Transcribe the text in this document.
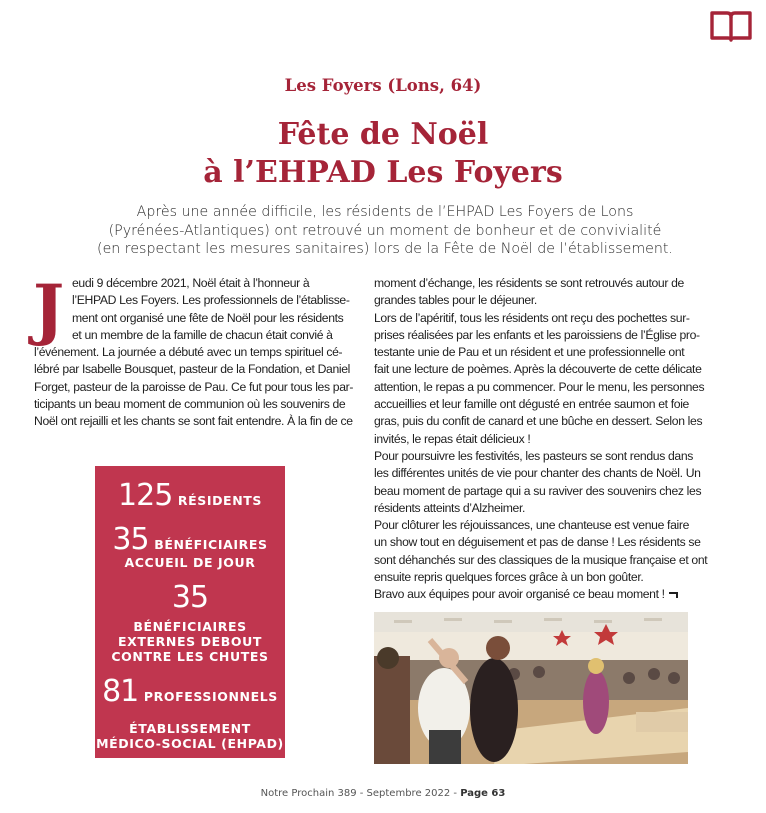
Les Foyers (Lons, 64)
Fête de Noël
à l’EHPAD Les Foyers
Après une année difficile, les résidents de l’EHPAD Les Foyers de Lons
(Pyrénées-Atlantiques) ont retrouvé un moment de bonheur et de convivialité
(en respectant les mesures sanitaires) lors de la Fête de Noël de l’établissement.
J eudi 9 décembre 2021, Noël était à l’honneur à
l’EHPAD Les Foyers. Les professionnels de l’établisse-
ment ont organisé une fête de Noël pour les résidents
et un membre de la famille de chacun était convié à
l’événement. La journée a débuté avec un temps spirituel cé-
lébré par Isabelle Bousquet, pasteur de la Fondation, et Daniel
Forget, pasteur de la paroisse de Pau. Ce fut pour tous les par-
ticipants un beau moment de communion où les souvenirs de
Noël ont rejailli et les chants se sont fait entendre. À la fin de ce
moment d’échange, les résidents se sont retrouvés autour de
grandes tables pour le déjeuner.
Lors de l’apéritif, tous les résidents ont reçu des pochettes sur-
prises réalisées par les enfants et les paroissiens de l’Église pro-
testante unie de Pau et un résident et une professionnelle ont
fait une lecture de poèmes. Après la découverte de cette délicate
attention, le repas a pu commencer. Pour le menu, les personnes
accueillies et leur famille ont dégusté en entrée saumon et foie
gras, puis du confit de canard et une bûche en dessert. Selon les
invités, le repas était délicieux !
Pour poursuivre les festivités, les pasteurs se sont rendus dans
les différentes unités de vie pour chanter des chants de Noël. Un
beau moment de partage qui a su raviver des souvenirs chez les
résidents atteints d’Alzheimer.
Pour clôturer les réjouissances, une chanteuse est venue faire
un show tout en déguisement et pas de danse ! Les résidents se
sont déhanchés sur des classiques de la musique française et ont
ensuite repris quelques forces grâce à un bon goûter.
Bravo aux équipes pour avoir organisé ce beau moment !
125 RÉSIDENTS
35 BÉNÉFICIAIRES
ACCUEIL DE JOUR
35
BÉNÉFICIAIRES
EXTERNES DEBOUT
CONTRE LES CHUTES
81 PROFESSIONNELS
ÉTABLISSEMENT
MÉDICO-SOCIAL (EHPAD)
Notre Prochain 389 - Septembre 2022 - Page 63
